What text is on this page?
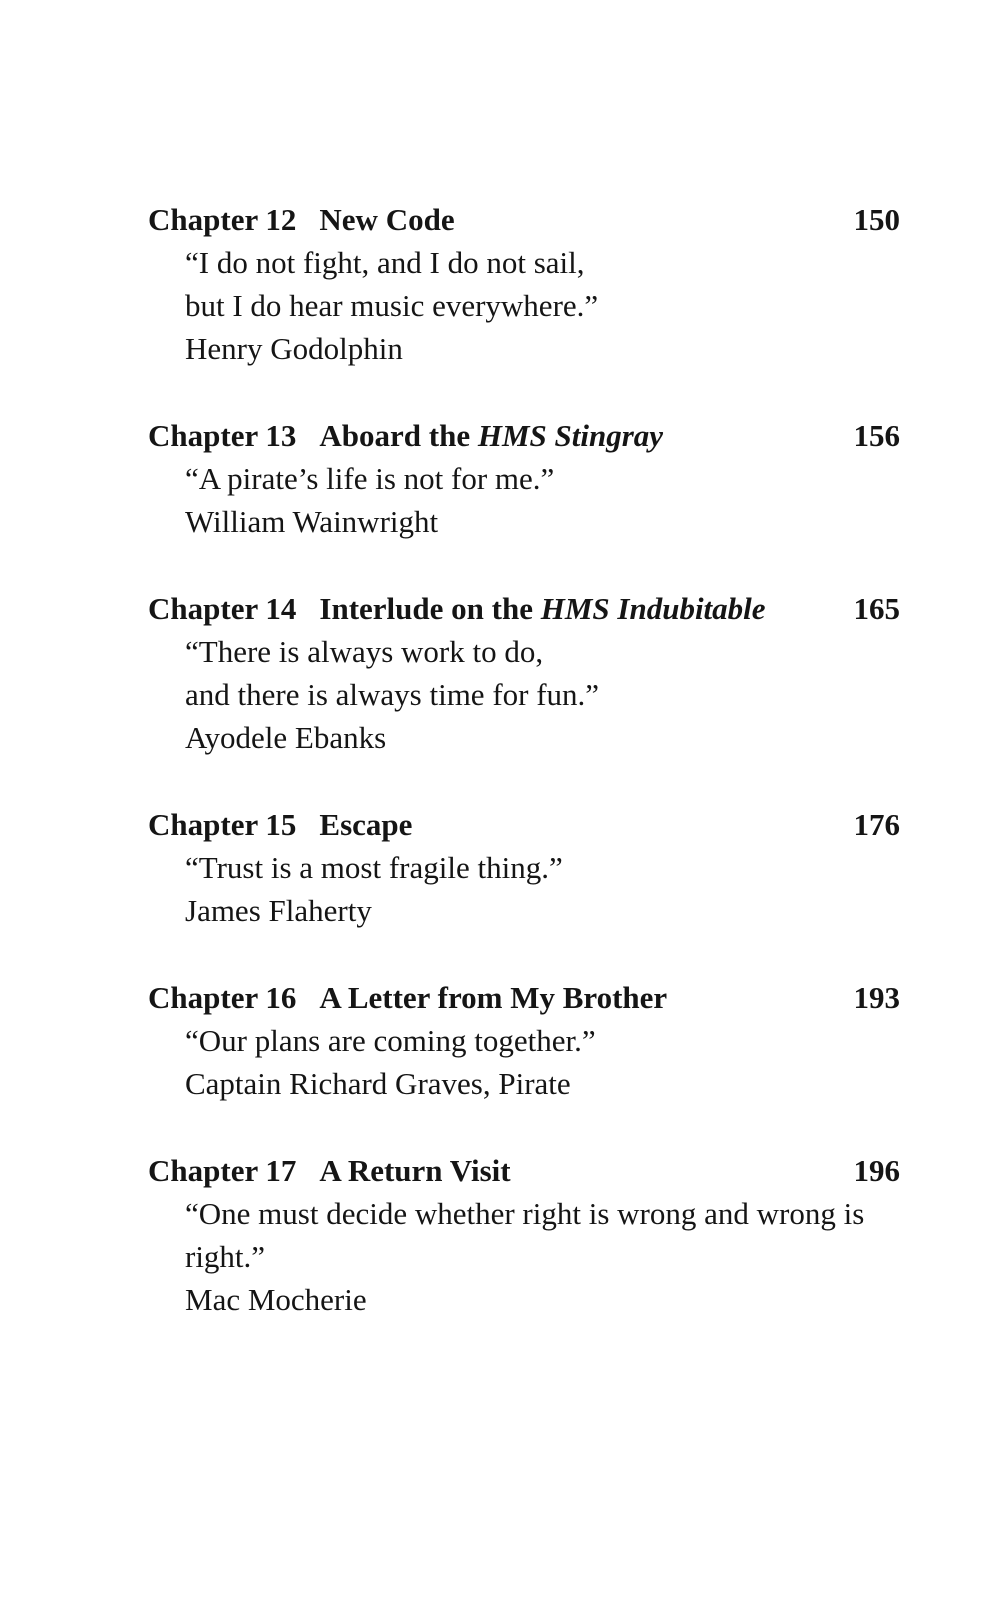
Chapter 12 New Code	150
“I do not fight, and I do not sail,
but I do hear music everywhere.”
Henry Godolphin
Chapter 13 Aboard the HMS Stingray	156
“A pirate’s life is not for me.”
William Wainwright
Chapter 14 Interlude on the HMS Indubitable	165
“There is always work to do,
and there is always time for fun.”
Ayodele Ebanks
Chapter 15 Escape	176
“Trust is a most fragile thing.”
James Flaherty
Chapter 16 A Letter from My Brother	193
“Our plans are coming together.”
Captain Richard Graves, Pirate
Chapter 17 A Return Visit	196
“One must decide whether right is wrong and wrong is right.”
Mac Mocherie
